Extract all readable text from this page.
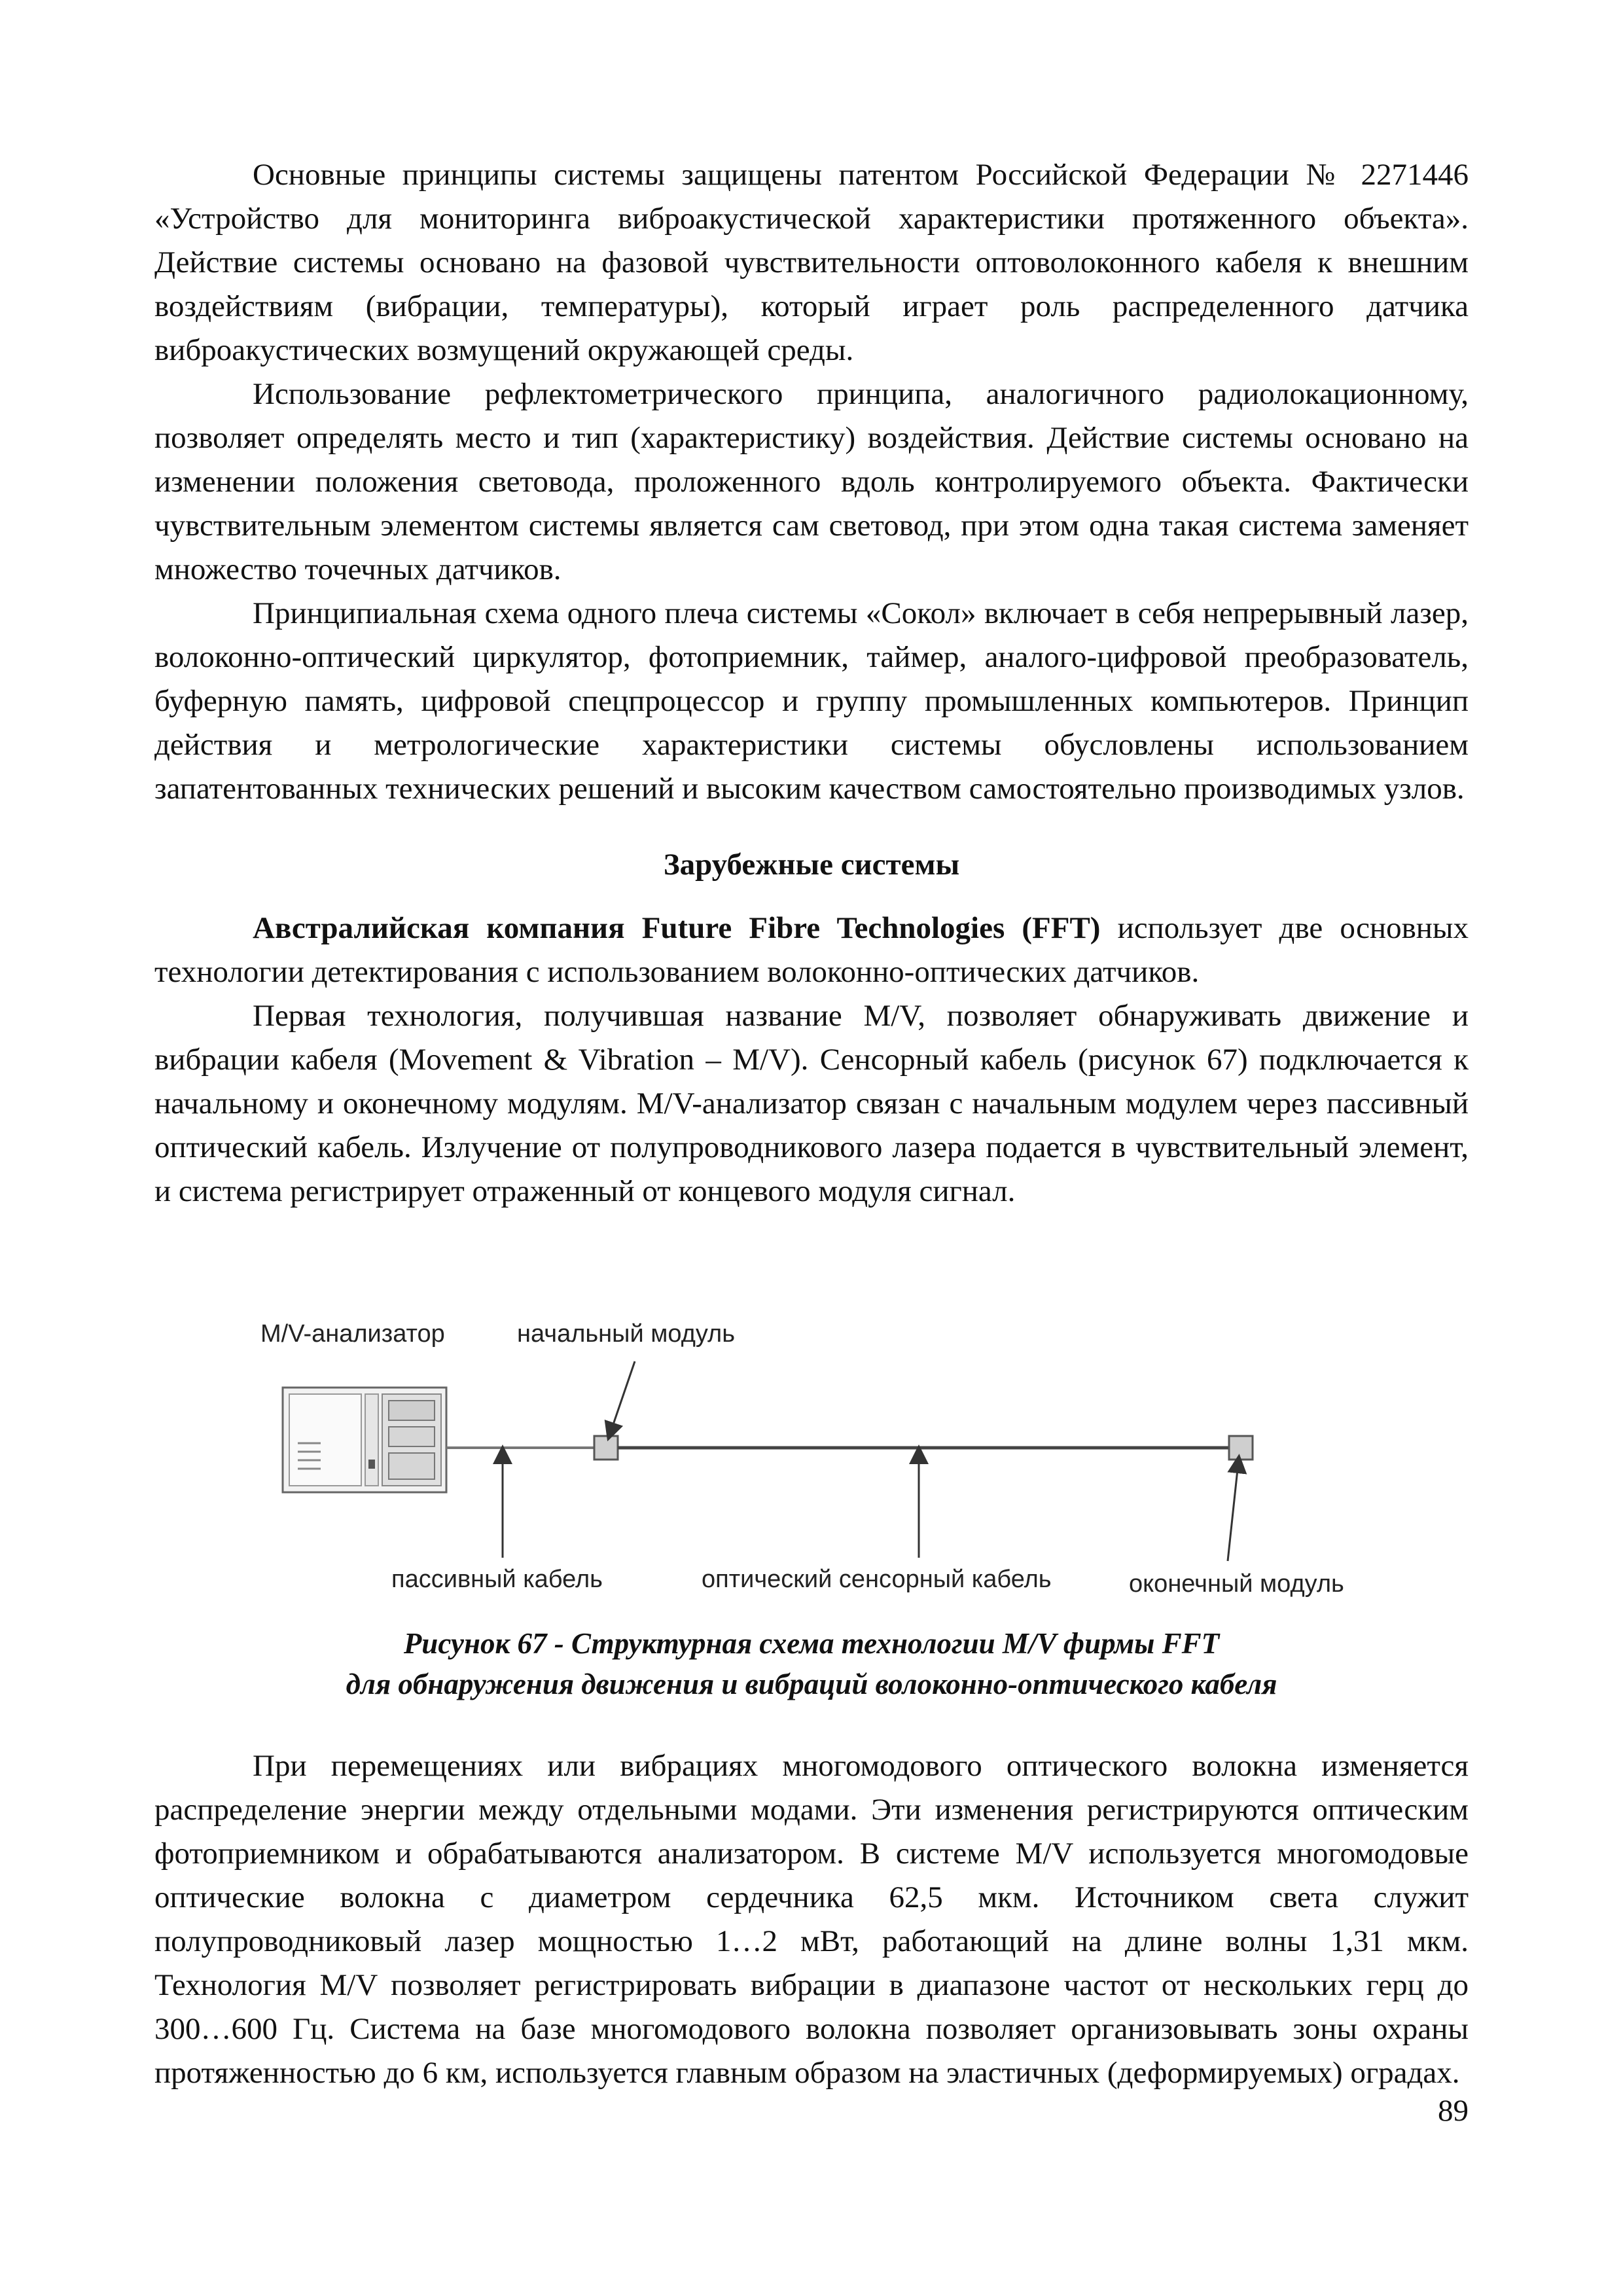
Основные принципы системы защищены патентом Российской Федерации № 2271446 «Устройство для мониторинга виброакустической характеристики протяженного объекта». Действие системы основано на фазовой чувствительности оптоволоконного кабеля к внешним воздействиям (вибрации, температуры), который играет роль распределенного датчика виброакустических возмущений окружающей среды.

Использование рефлектометрического принципа, аналогичного радиолокационному, позволяет определять место и тип (характеристику) воздействия. Действие системы основано на изменении положения световода, проложенного вдоль контролируемого объекта. Фактически чувствительным элементом системы является сам световод, при этом одна такая система заменяет множество точечных датчиков.

Принципиальная схема одного плеча системы «Сокол» включает в себя непрерывный лазер, волоконно-оптический циркулятор, фотоприемник, таймер, аналого-цифровой преобразователь, буферную память, цифровой спецпроцессор и группу промышленных компьютеров. Принцип действия и метрологические характеристики системы обусловлены использованием запатентованных технических решений и высоким качеством самостоятельно производимых узлов.

Зарубежные системы

Австралийская компания Future Fibre Technologies (FFT) использует две основных технологии детектирования с использованием волоконно-оптических датчиков.

Первая технология, получившая название M/V, позволяет обнаруживать движение и вибрации кабеля (Movement & Vibration – M/V). Сенсорный кабель (рисунок 67) подключается к начальному и оконечному модулям. M/V-анализатор связан с начальным модулем через пассивный оптический кабель. Излучение от полупроводникового лазера подается в чувствительный элемент, и система регистрирует отраженный от концевого модуля сигнал.

M/V-анализатор	начальный модуль
пассивный кабель	оптический сенсорный кабель	оконечный модуль
Рисунок 67 - Структурная схема технологии M/V фирмы FFT
для обнаружения движения и вибраций волоконно-оптического кабеля

При перемещениях или вибрациях многомодового оптического волокна изменяется распределение энергии между отдельными модами. Эти изменения регистрируются оптическим фотоприемником и обрабатываются анализатором. В системе M/V используется многомодовые оптические волокна с диаметром сердечника 62,5 мкм. Источником света служит полупроводниковый лазер мощностью 1…2 мВт, работающий на длине волны 1,31 мкм. Технология M/V позволяет регистрировать вибрации в диапазоне частот от нескольких герц до 300…600 Гц. Система на базе многомодового волокна позволяет организовывать зоны охраны протяженностью до 6 км, используется главным образом на эластичных (деформируемых) оградах.

89
